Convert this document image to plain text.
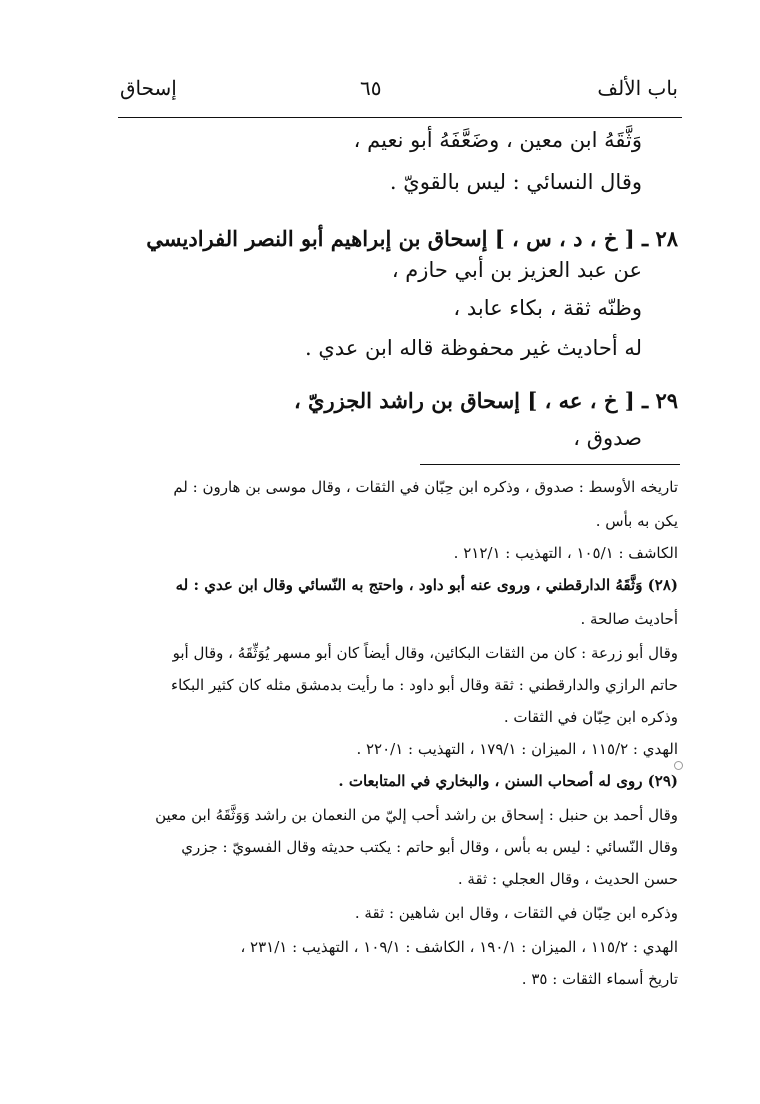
باب الألف
٦٥
إسحاق
وَثَّقَهُ ابن معين ، وضَعَّفَهُ أبو نعيم ،
وقال النسائي : ليس بالقويّ .
٢٨ ـ [ خ ، د ، س ، ] إسحاق بن إبراهيم أبو النصر الفراديسي
عن عبد العزيز بن أبي حازم ،
وظنّه ثقة ، بكاء عابد ،
له أحاديث غير محفوظة قاله ابن عدي .
٢٩ ـ [ خ ، عه ، ] إسحاق بن راشد الجزريّ ،
صدوق ،
تاريخه الأوسط : صدوق ، وذكره ابن حِبّان في الثقات ، وقال موسى بن هارون : لم
يكن به بأس .
الكاشف : ١٠٥/١ ، التهذيب : ٢١٢/١ .
(٢٨) وَثَّقَهُ الدارقطني ، وروى عنه أبو داود ، واحتج به النّسائي وقال ابن عدي : له
أحاديث صالحة .
وقال أبو زرعة : كان من الثقات البكائين، وقال أيضاً كان أبو مسهر يُوَثِّقَهُ ، وقال أبو
حاتم الرازي والدارقطني : ثقة وقال أبو داود : ما رأيت بدمشق مثله كان كثير البكاء
وذكره ابن حِبّان في الثقات .
الهدي : ١١٥/٢ ، الميزان : ١٧٩/١ ، التهذيب : ٢٢٠/١ .
(٢٩) روى له أصحاب السنن ، والبخاري في المتابعات .
وقال أحمد بن حنبل : إسحاق بن راشد أحب إليّ من النعمان بن راشد وَوَثَّقَهُ ابن معين
وقال النّسائي : ليس به بأس ، وقال أبو حاتم : يكتب حديثه وقال الفسويّ : جزري
حسن الحديث ، وقال العجلي : ثقة .
وذكره ابن حِبّان في الثقات ، وقال ابن شاهين : ثقة .
الهدي : ١١٥/٢ ، الميزان : ١٩٠/١ ، الكاشف : ١٠٩/١ ، التهذيب : ٢٣١/١ ،
تاريخ أسماء الثقات : ٣٥ .
